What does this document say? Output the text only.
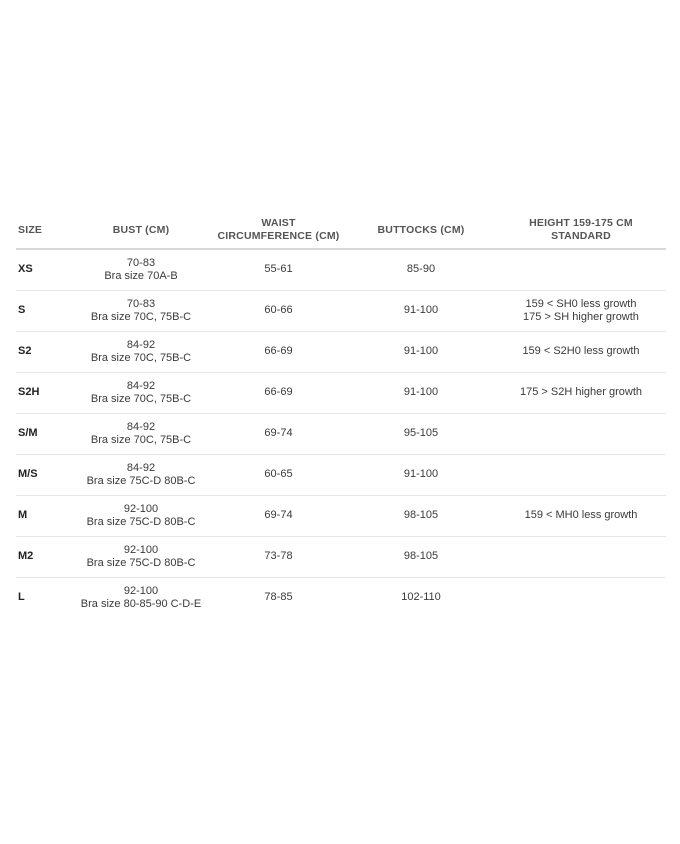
SIZE	BUST (CM)	WAIST
CIRCUMFERENCE (CM)	BUTTOCKS (CM)	HEIGHT 159-175 CM
STANDARD

XS	70-83
Bra size 70A-B	55-61	85-90	

S	70-83
Bra size 70C, 75B-C	60-66	91-100	159 < SH0 less growth
175 > SH higher growth

S2	84-92
Bra size 70C, 75B-C	66-69	91-100	159 < S2H0 less growth

S2H	84-92
Bra size 70C, 75B-C	66-69	91-100	175 > S2H higher growth

S/M	84-92
Bra size 70C, 75B-C	69-74	95-105	

M/S	84-92
Bra size 75C-D 80B-C	60-65	91-100	

M	92-100
Bra size 75C-D 80B-C	69-74	98-105	159 < MH0 less growth

M2	92-100
Bra size 75C-D 80B-C	73-78	98-105	

L	92-100
Bra size 80-85-90 C-D-E	78-85	102-110	
